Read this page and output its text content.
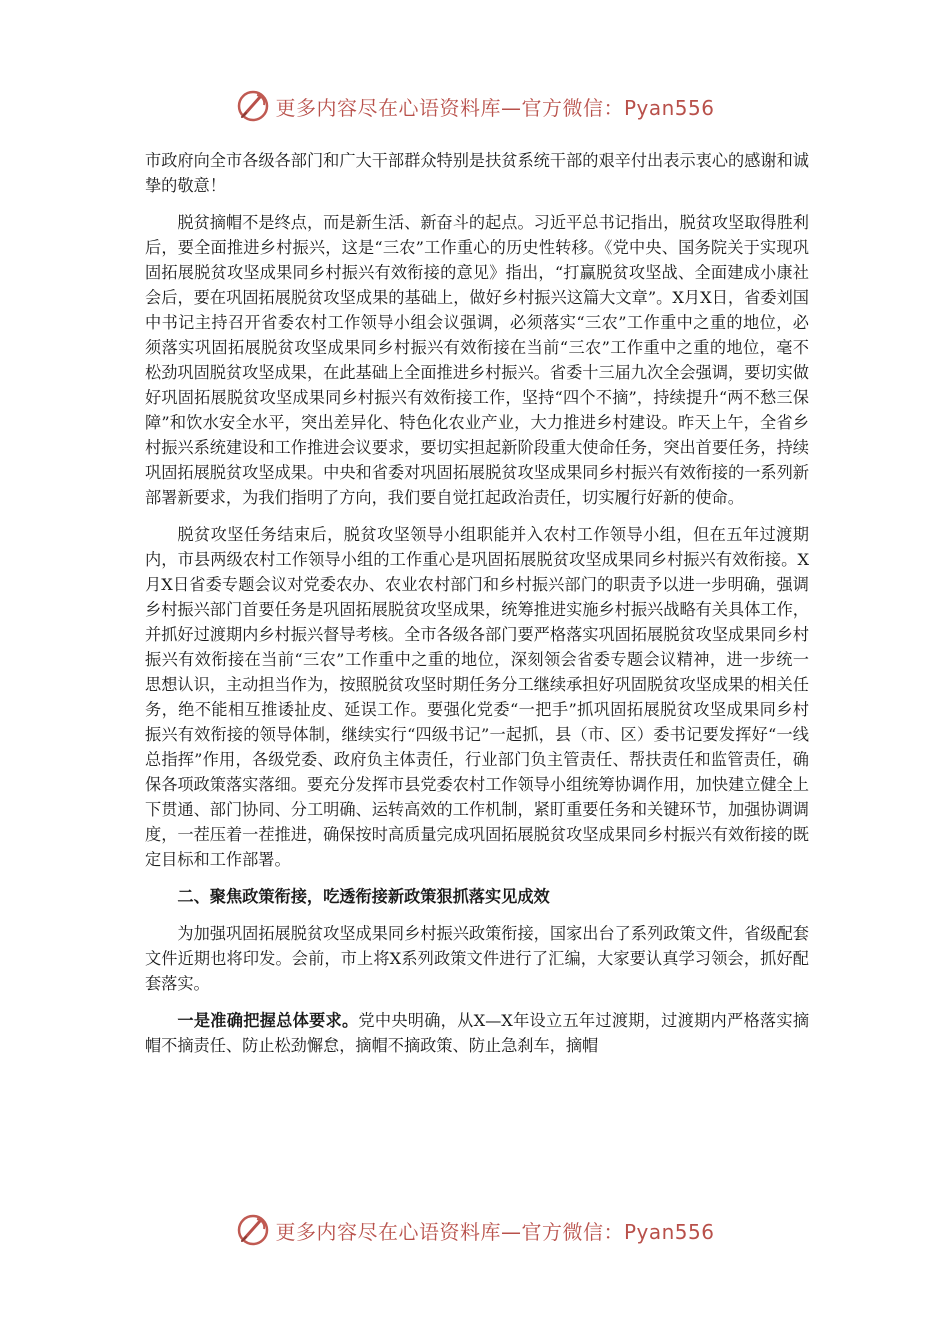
更多内容尽在心语资料库—官方微信：Pyan556

市政府向全市各级各部门和广大干部群众特别是扶贫系统干部的艰辛付出表示衷心的感谢和诚挚的敬意！

脱贫摘帽不是终点，而是新生活、新奋斗的起点。习近平总书记指出，脱贫攻坚取得胜利后，要全面推进乡村振兴，这是“三农”工作重心的历史性转移。《党中央、国务院关于实现巩固拓展脱贫攻坚成果同乡村振兴有效衔接的意见》指出，“打赢脱贫攻坚战、全面建成小康社会后，要在巩固拓展脱贫攻坚成果的基础上，做好乡村振兴这篇大文章”。X月X日，省委刘国中书记主持召开省委农村工作领导小组会议强调，必须落实“三农”工作重中之重的地位，必须落实巩固拓展脱贫攻坚成果同乡村振兴有效衔接在当前“三农”工作重中之重的地位，毫不松劲巩固脱贫攻坚成果，在此基础上全面推进乡村振兴。省委十三届九次全会强调，要切实做好巩固拓展脱贫攻坚成果同乡村振兴有效衔接工作，坚持“四个不摘”，持续提升“两不愁三保障”和饮水安全水平，突出差异化、特色化农业产业，大力推进乡村建设。昨天上午，全省乡村振兴系统建设和工作推进会议要求，要切实担起新阶段重大使命任务，突出首要任务，持续巩固拓展脱贫攻坚成果。中央和省委对巩固拓展脱贫攻坚成果同乡村振兴有效衔接的一系列新部署新要求，为我们指明了方向，我们要自觉扛起政治责任，切实履行好新的使命。

脱贫攻坚任务结束后，脱贫攻坚领导小组职能并入农村工作领导小组，但在五年过渡期内，市县两级农村工作领导小组的工作重心是巩固拓展脱贫攻坚成果同乡村振兴有效衔接。X月X日省委专题会议对党委农办、农业农村部门和乡村振兴部门的职责予以进一步明确，强调乡村振兴部门首要任务是巩固拓展脱贫攻坚成果，统筹推进实施乡村振兴战略有关具体工作，并抓好过渡期内乡村振兴督导考核。全市各级各部门要严格落实巩固拓展脱贫攻坚成果同乡村振兴有效衔接在当前“三农”工作重中之重的地位，深刻领会省委专题会议精神，进一步统一思想认识，主动担当作为，按照脱贫攻坚时期任务分工继续承担好巩固脱贫攻坚成果的相关任务，绝不能相互推诿扯皮、延误工作。要强化党委“一把手”抓巩固拓展脱贫攻坚成果同乡村振兴有效衔接的领导体制，继续实行“四级书记”一起抓，县（市、区）委书记要发挥好“一线总指挥”作用，各级党委、政府负主体责任，行业部门负主管责任、帮扶责任和监管责任，确保各项政策落实落细。要充分发挥市县党委农村工作领导小组统筹协调作用，加快建立健全上下贯通、部门协同、分工明确、运转高效的工作机制，紧盯重要任务和关键环节，加强协调调度，一茬压着一茬推进，确保按时高质量完成巩固拓展脱贫攻坚成果同乡村振兴有效衔接的既定目标和工作部署。

二、聚焦政策衔接，吃透衔接新政策狠抓落实见成效

为加强巩固拓展脱贫攻坚成果同乡村振兴政策衔接，国家出台了系列政策文件，省级配套文件近期也将印发。会前，市上将X系列政策文件进行了汇编，大家要认真学习领会，抓好配套落实。

一是准确把握总体要求。党中央明确，从X—X年设立五年过渡期，过渡期内严格落实摘帽不摘责任、防止松劲懈怠，摘帽不摘政策、防止急刹车，摘帽

更多内容尽在心语资料库—官方微信：Pyan556
